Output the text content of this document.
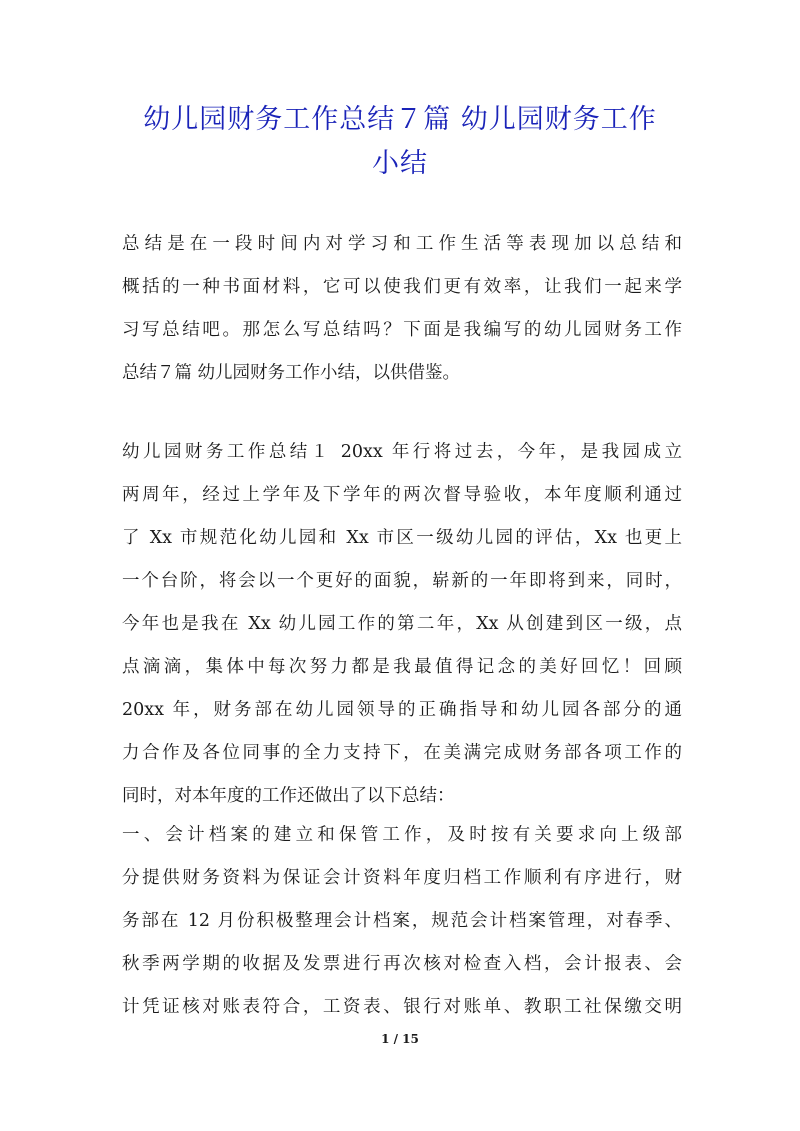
幼儿园财务工作总结７篇 幼儿园财务工作
小结
总结是在一段时间内对学习和工作生活等表现加以总结和
概括的一种书面材料，它可以使我们更有效率，让我们一起来学
习写总结吧。那怎么写总结吗？下面是我编写的幼儿园财务工作
总结７篇 幼儿园财务工作小结，以供借鉴。
幼儿园财务工作总结１ 20xx 年行将过去，今年，是我园成立
两周年，经过上学年及下学年的两次督导验收，本年度顺利通过
了 Xx 市规范化幼儿园和 Xx 市区一级幼儿园的评估，Xx 也更上
一个台阶，将会以一个更好的面貌，崭新的一年即将到来，同时，
今年也是我在 Xx 幼儿园工作的第二年，Xx 从创建到区一级，点
点滴滴，集体中每次努力都是我最值得记念的美好回忆！回顾
20xx 年，财务部在幼儿园领导的正确指导和幼儿园各部分的通
力合作及各位同事的全力支持下，在美满完成财务部各项工作的
同时，对本年度的工作还做出了以下总结：
一、会计档案的建立和保管工作，及时按有关要求向上级部
分提供财务资料为保证会计资料年度归档工作顺利有序进行，财
务部在 12 月份积极整理会计档案，规范会计档案管理，对春季、
秋季两学期的收据及发票进行再次核对检查入档，会计报表、会
计凭证核对账表符合，工资表、银行对账单、教职工社保缴交明
1 / 15
